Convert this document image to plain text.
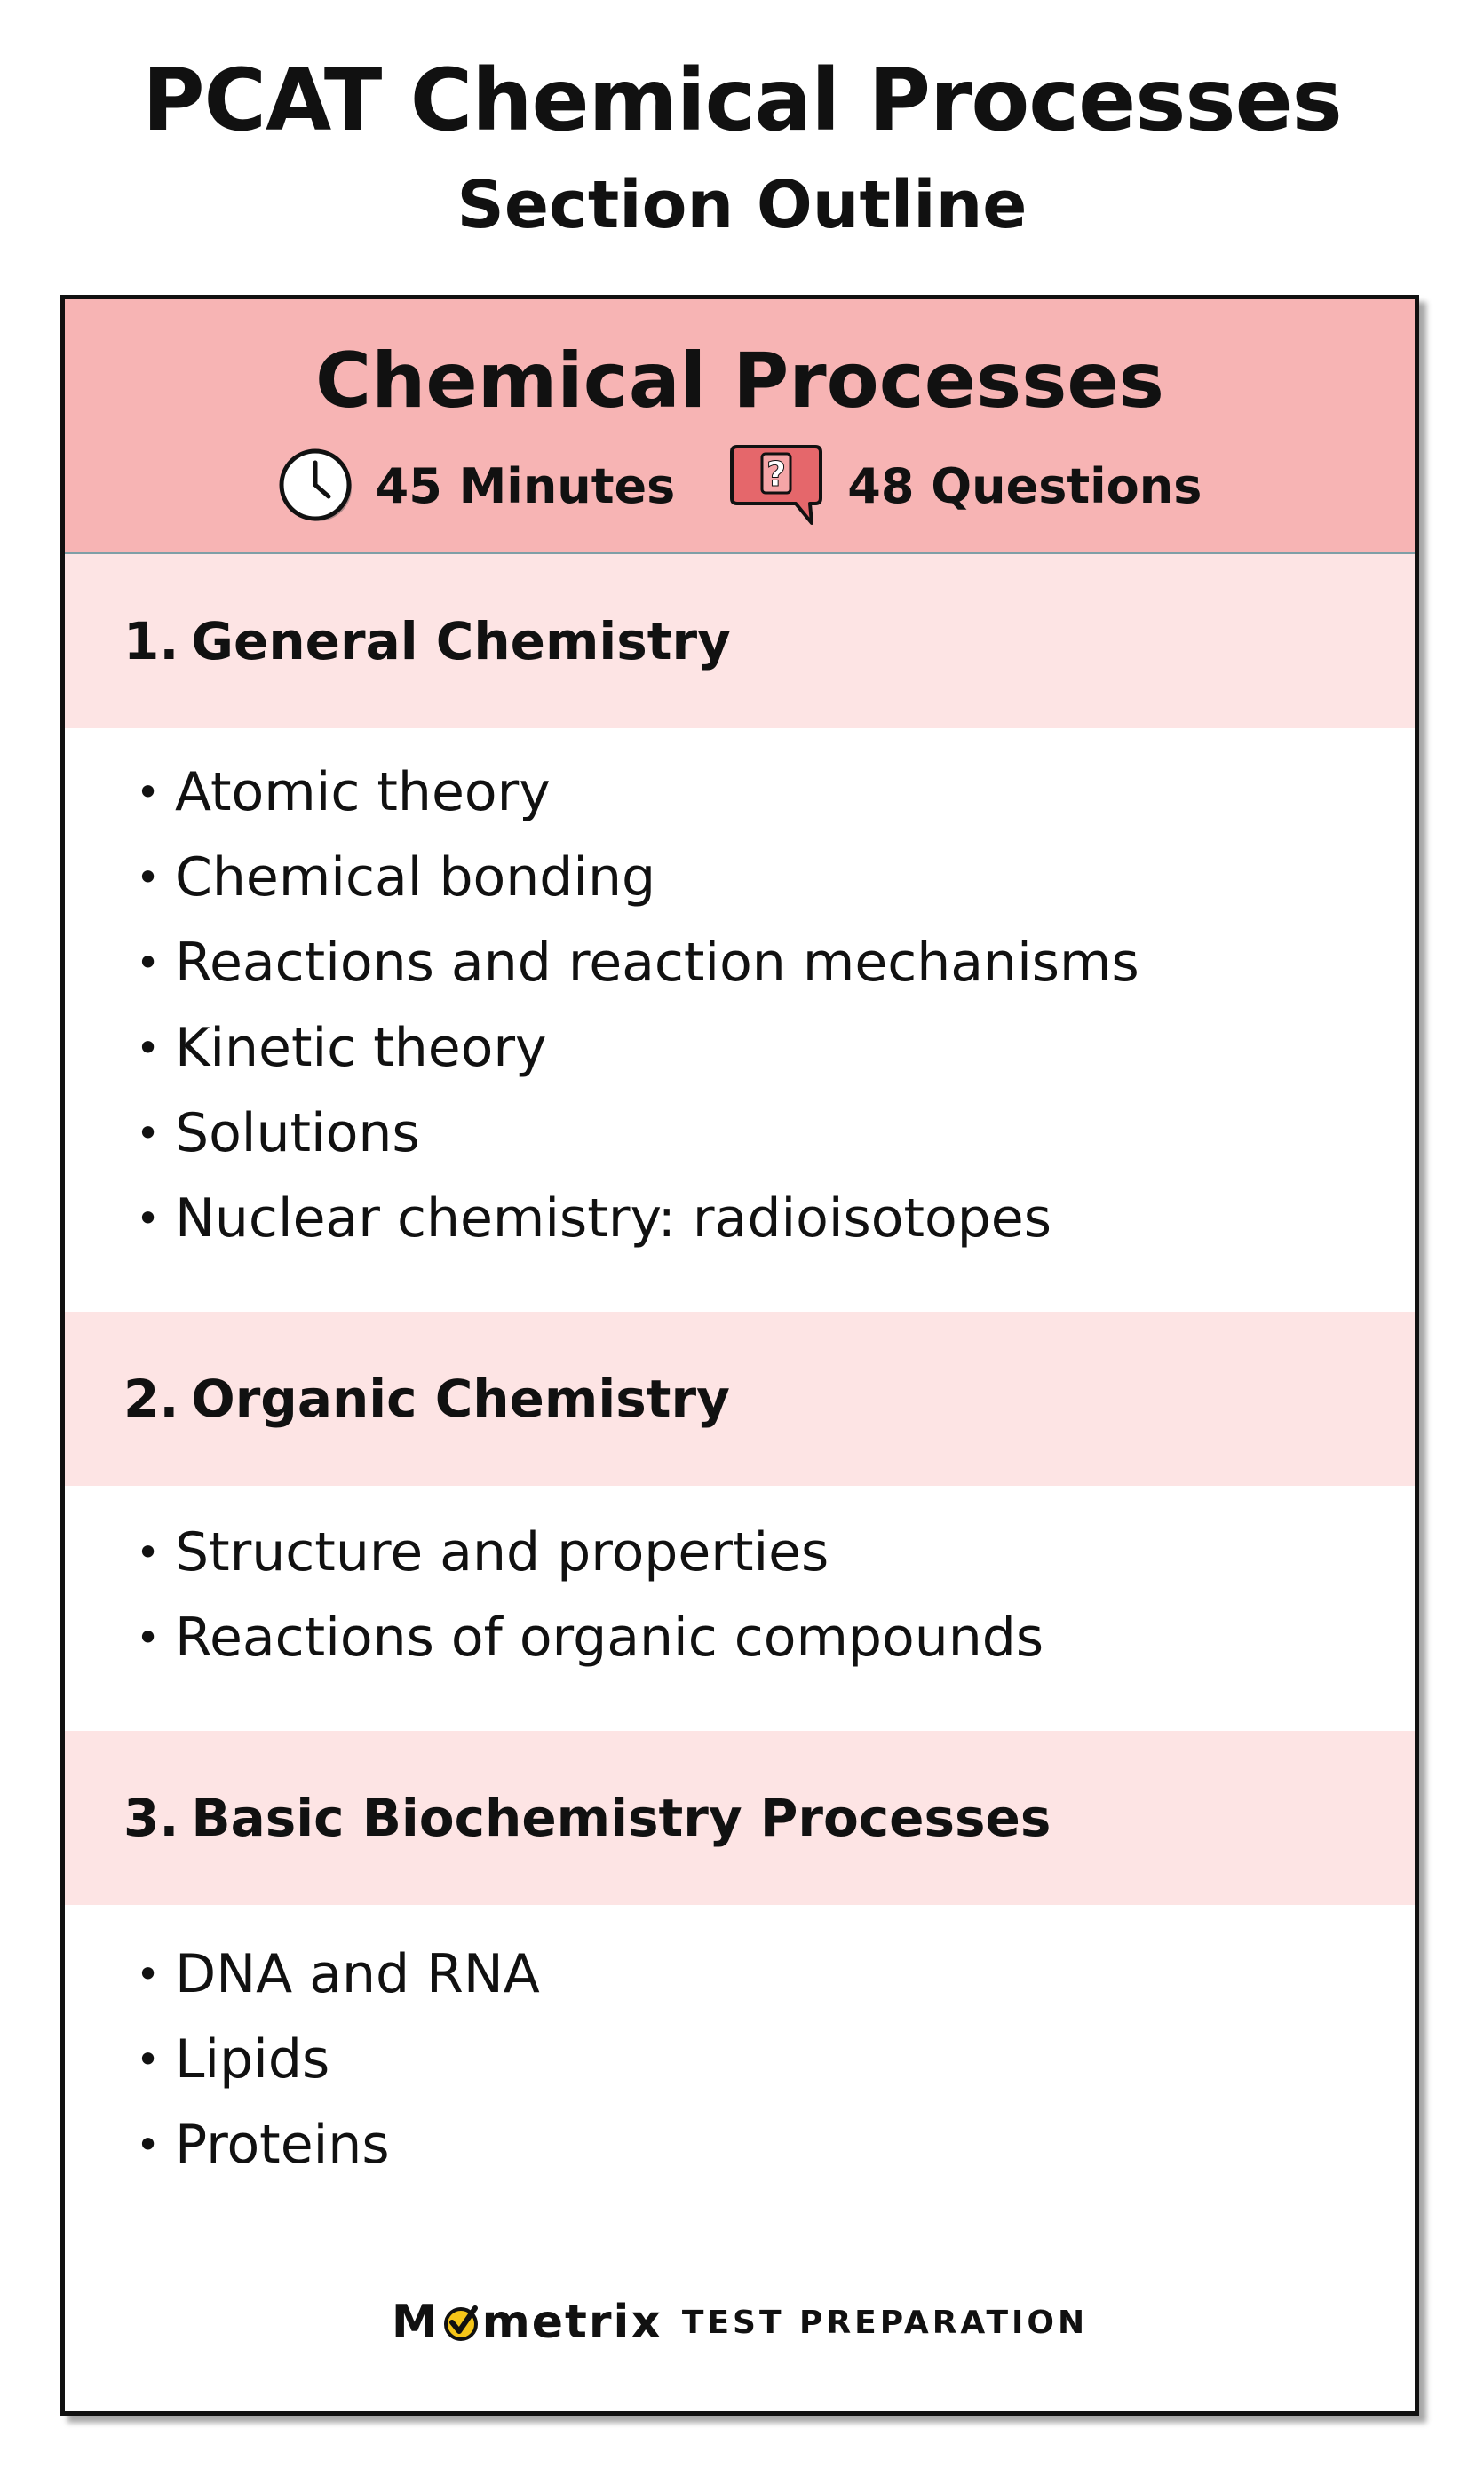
PCAT Chemical Processes
Section Outline
Chemical Processes
45 Minutes	? 48 Questions
1. General Chemistry
• Atomic theory
• Chemical bonding
• Reactions and reaction mechanisms
• Kinetic theory
• Solutions
• Nuclear chemistry: radioisotopes
2. Organic Chemistry
• Structure and properties
• Reactions of organic compounds
3. Basic Biochemistry Processes
• DNA and RNA
• Lipids
• Proteins
M metrix TEST PREPARATION
